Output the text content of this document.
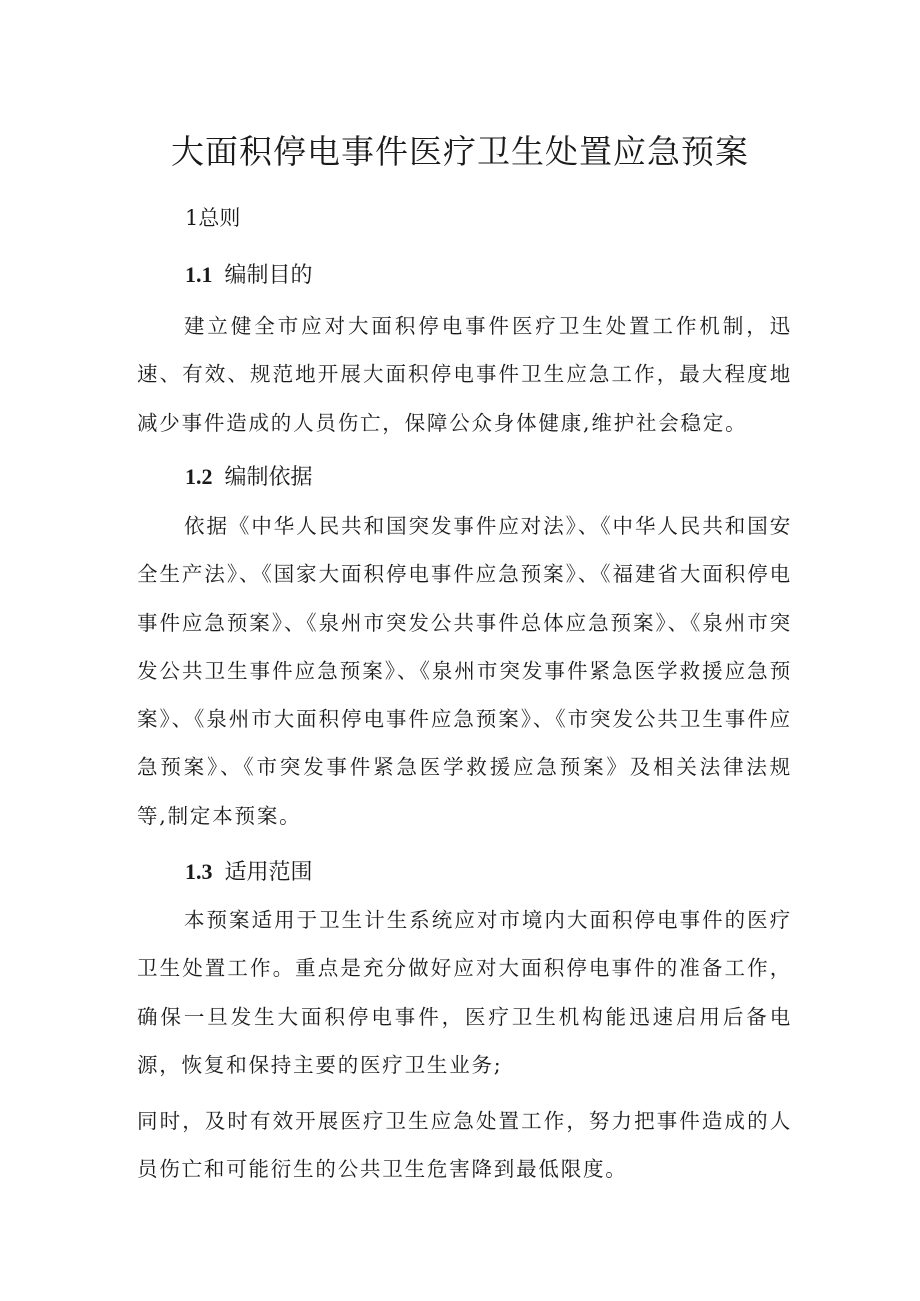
大面积停电事件医疗卫生处置应急预案
1总则
1.1 编制目的

建立健全市应对大面积停电事件医疗卫生处置工作机制，迅速、有效、规范地开展大面积停电事件卫生应急工作，最大程度地减少事件造成的人员伤亡，保障公众身体健康,维护社会稳定。

1.2 编制依据

依据《中华人民共和国突发事件应对法》、《中华人民共和国安全生产法》、《国家大面积停电事件应急预案》、《福建省大面积停电事件应急预案》、《泉州市突发公共事件总体应急预案》、《泉州市突发公共卫生事件应急预案》、《泉州市突发事件紧急医学救援应急预案》、《泉州市大面积停电事件应急预案》、《市突发公共卫生事件应急预案》、《市突发事件紧急医学救援应急预案》及相关法律法规等,制定本预案。

1.3 适用范围

本预案适用于卫生计生系统应对市境内大面积停电事件的医疗卫生处置工作。重点是充分做好应对大面积停电事件的准备工作，确保一旦发生大面积停电事件，医疗卫生机构能迅速启用后备电源，恢复和保持主要的医疗卫生业务;

同时，及时有效开展医疗卫生应急处置工作，努力把事件造成的人员伤亡和可能衍生的公共卫生危害降到最低限度。
